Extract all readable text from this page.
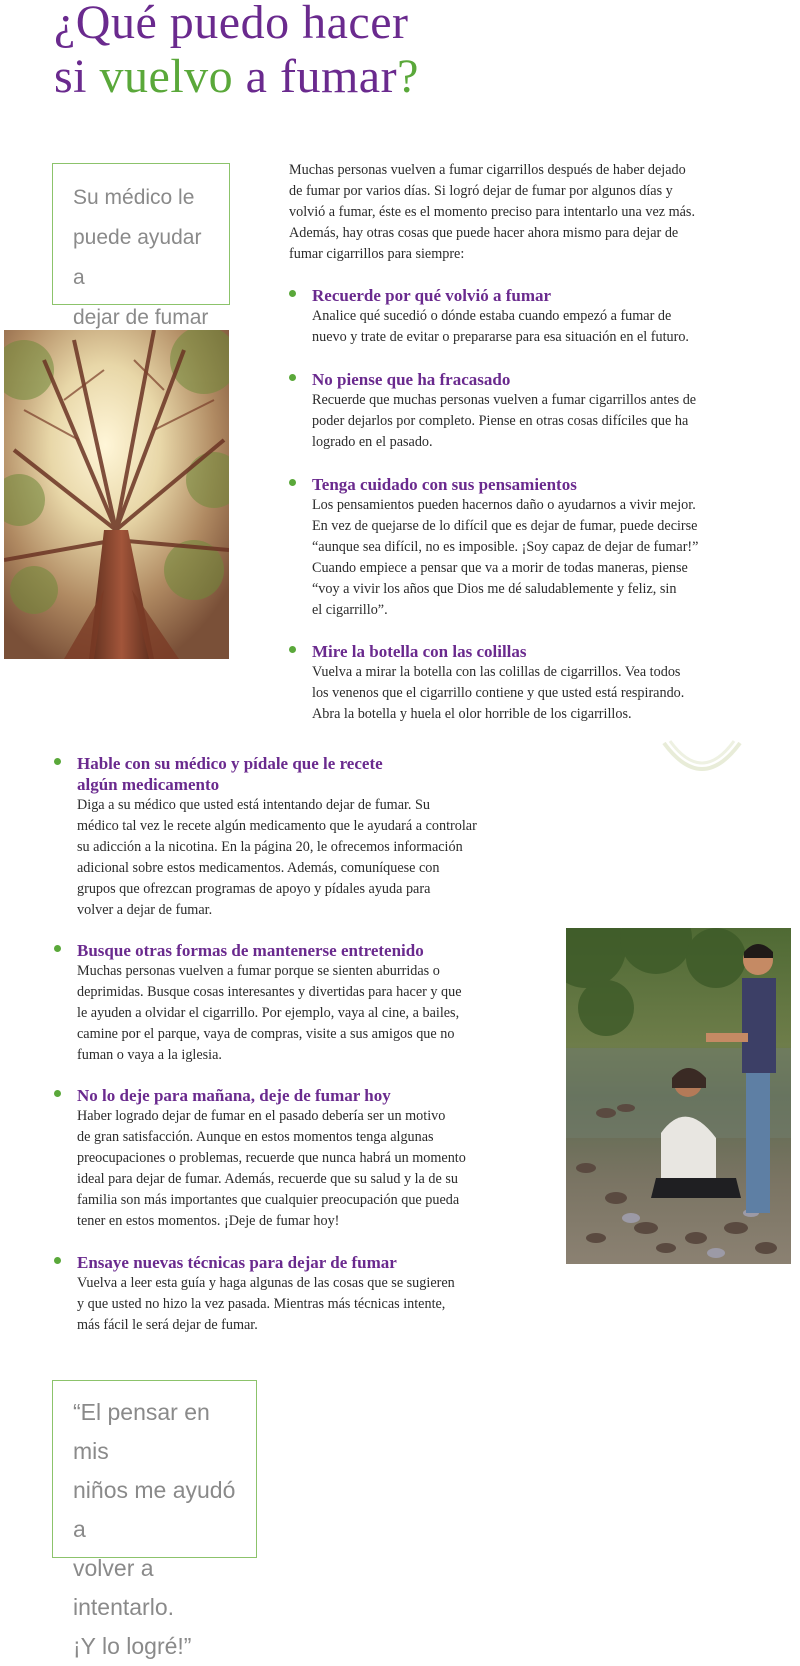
¿Qué puedo hacer
si vuelvo a fumar?
Su médico le
puede ayudar a
dejar de fumar

Muchas personas vuelven a fumar cigarrillos después de haber dejado
de fumar por varios días. Si logró dejar de fumar por algunos días y
volvió a fumar, éste es el momento preciso para intentarlo una vez más.
Además, hay otras cosas que puede hacer ahora mismo para dejar de
fumar cigarrillos para siempre:

Recuerde por qué volvió a fumar

Analice qué sucedió o dónde estaba cuando empezó a fumar de
nuevo y trate de evitar o prepararse para esa situación en el futuro.

No piense que ha fracasado

Recuerde que muchas personas vuelven a fumar cigarrillos antes de
poder dejarlos por completo. Piense en otras cosas difíciles que ha
logrado en el pasado.

Tenga cuidado con sus pensamientos

Los pensamientos pueden hacernos daño o ayudarnos a vivir mejor.
En vez de quejarse de lo difícil que es dejar de fumar, puede decirse
“aunque sea difícil, no es imposible. ¡Soy capaz de dejar de fumar!”
Cuando empiece a pensar que va a morir de todas maneras, piense
“voy a vivir los años que Dios me dé saludablemente y feliz, sin
el cigarrillo”.

Mire la botella con las colillas

Vuelva a mirar la botella con las colillas de cigarrillos. Vea todos
los venenos que el cigarrillo contiene y que usted está respirando.
Abra la botella y huela el olor horrible de los cigarrillos.

Hable con su médico y pídale que le recete
algún medicamento

Diga a su médico que usted está intentando dejar de fumar. Su
médico tal vez le recete algún medicamento que le ayudará a controlar
su adicción a la nicotina. En la página 20, le ofrecemos información
adicional sobre estos medicamentos. Además, comuníquese con
grupos que ofrezcan programas de apoyo y pídales ayuda para
volver a dejar de fumar.

Busque otras formas de mantenerse entretenido

Muchas personas vuelven a fumar porque se sienten aburridas o
deprimidas. Busque cosas interesantes y divertidas para hacer y que
le ayuden a olvidar el cigarrillo. Por ejemplo, vaya al cine, a bailes,
camine por el parque, vaya de compras, visite a sus amigos que no
fuman o vaya a la iglesia.

No lo deje para mañana, deje de fumar hoy

Haber logrado dejar de fumar en el pasado debería ser un motivo
de gran satisfacción. Aunque en estos momentos tenga algunas
preocupaciones o problemas, recuerde que nunca habrá un momento
ideal para dejar de fumar. Además, recuerde que su salud y la de su
familia son más importantes que cualquier preocupación que pueda
tener en estos momentos. ¡Deje de fumar hoy!

Ensaye nuevas técnicas para dejar de fumar

Vuelva a leer esta guía y haga algunas de las cosas que se sugieren
y que usted no hizo la vez pasada. Mientras más técnicas intente,
más fácil le será dejar de fumar.

“El pensar en mis
niños me ayudó a
volver a intentarlo.
¡Y lo logré!”
